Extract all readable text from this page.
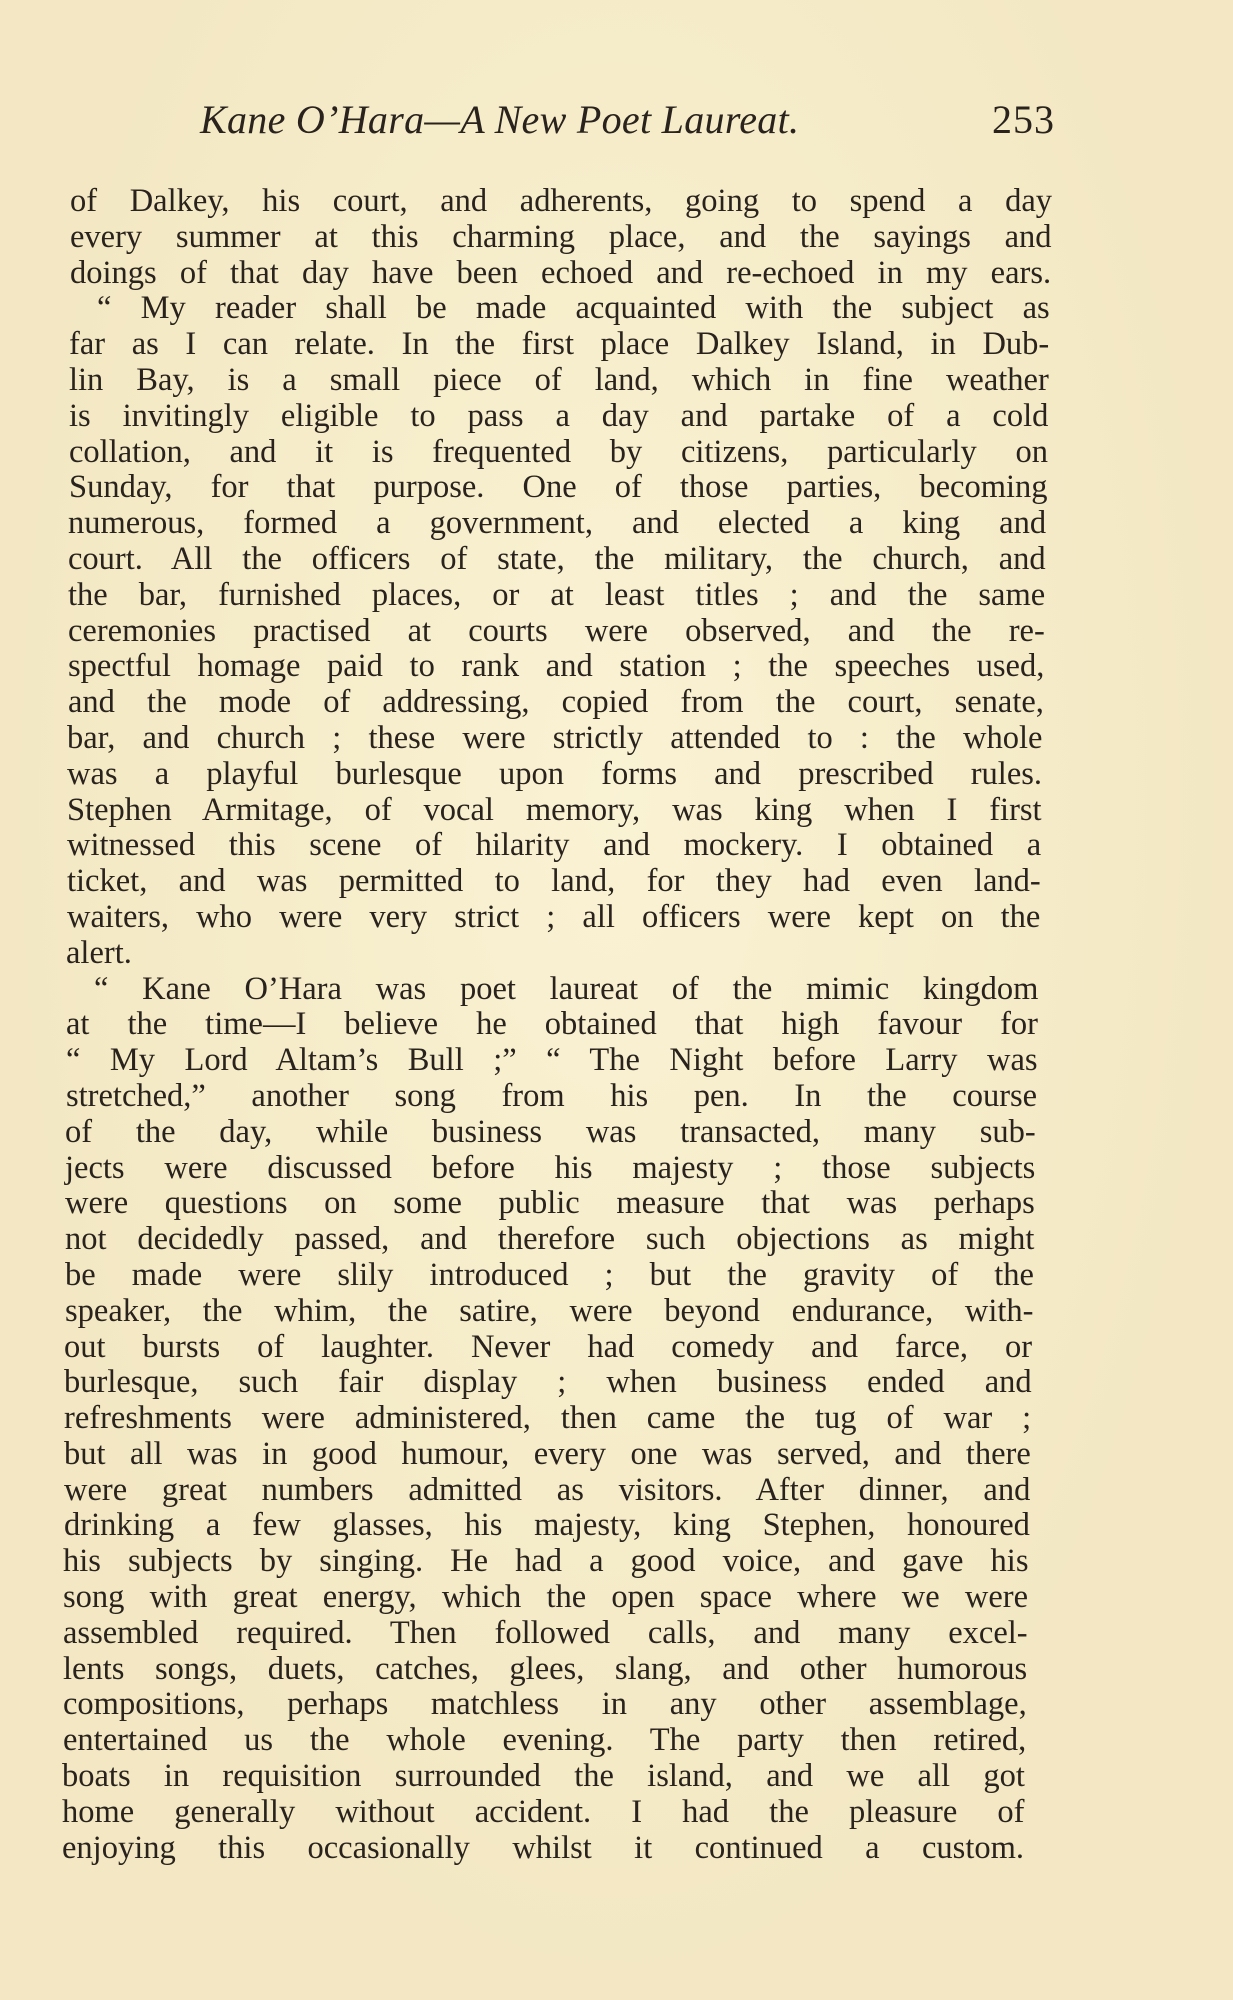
Kane O’Hara—A New Poet Laureat.	253
of Dalkey, his court, and adherents, going to spend a day
every summer at this charming place, and the sayings and
doings of that day have been echoed and re-echoed in my ears.
“ My reader shall be made acquainted with the subject as
far as I can relate. In the first place Dalkey Island, in Dub-
lin Bay, is a small piece of land, which in fine weather
is invitingly eligible to pass a day and partake of a cold
collation, and it is frequented by citizens, particularly on
Sunday, for that purpose. One of those parties, becoming
numerous, formed a government, and elected a king and
court. All the officers of state, the military, the church, and
the bar, furnished places, or at least titles ; and the same
ceremonies practised at courts were observed, and the re-
spectful homage paid to rank and station ; the speeches used,
and the mode of addressing, copied from the court, senate,
bar, and church ; these were strictly attended to : the whole
was a playful burlesque upon forms and prescribed rules.
Stephen Armitage, of vocal memory, was king when I first
witnessed this scene of hilarity and mockery. I obtained a
ticket, and was permitted to land, for they had even land-
waiters, who were very strict ; all officers were kept on the
alert.
“ Kane O’Hara was poet laureat of the mimic kingdom
at the time—I believe he obtained that high favour for
“ My Lord Altam’s Bull ;” “ The Night before Larry was
stretched,” another song from his pen. In the course
of the day, while business was transacted, many sub-
jects were discussed before his majesty ; those subjects
were questions on some public measure that was perhaps
not decidedly passed, and therefore such objections as might
be made were slily introduced ; but the gravity of the
speaker, the whim, the satire, were beyond endurance, with-
out bursts of laughter. Never had comedy and farce, or
burlesque, such fair display ; when business ended and
refreshments were administered, then came the tug of war ;
but all was in good humour, every one was served, and there
were great numbers admitted as visitors. After dinner, and
drinking a few glasses, his majesty, king Stephen, honoured
his subjects by singing. He had a good voice, and gave his
song with great energy, which the open space where we were
assembled required. Then followed calls, and many excel-
lents songs, duets, catches, glees, slang, and other humorous
compositions, perhaps matchless in any other assemblage,
entertained us the whole evening. The party then retired,
boats in requisition surrounded the island, and we all got
home generally without accident. I had the pleasure of
enjoying this occasionally whilst it continued a custom.
